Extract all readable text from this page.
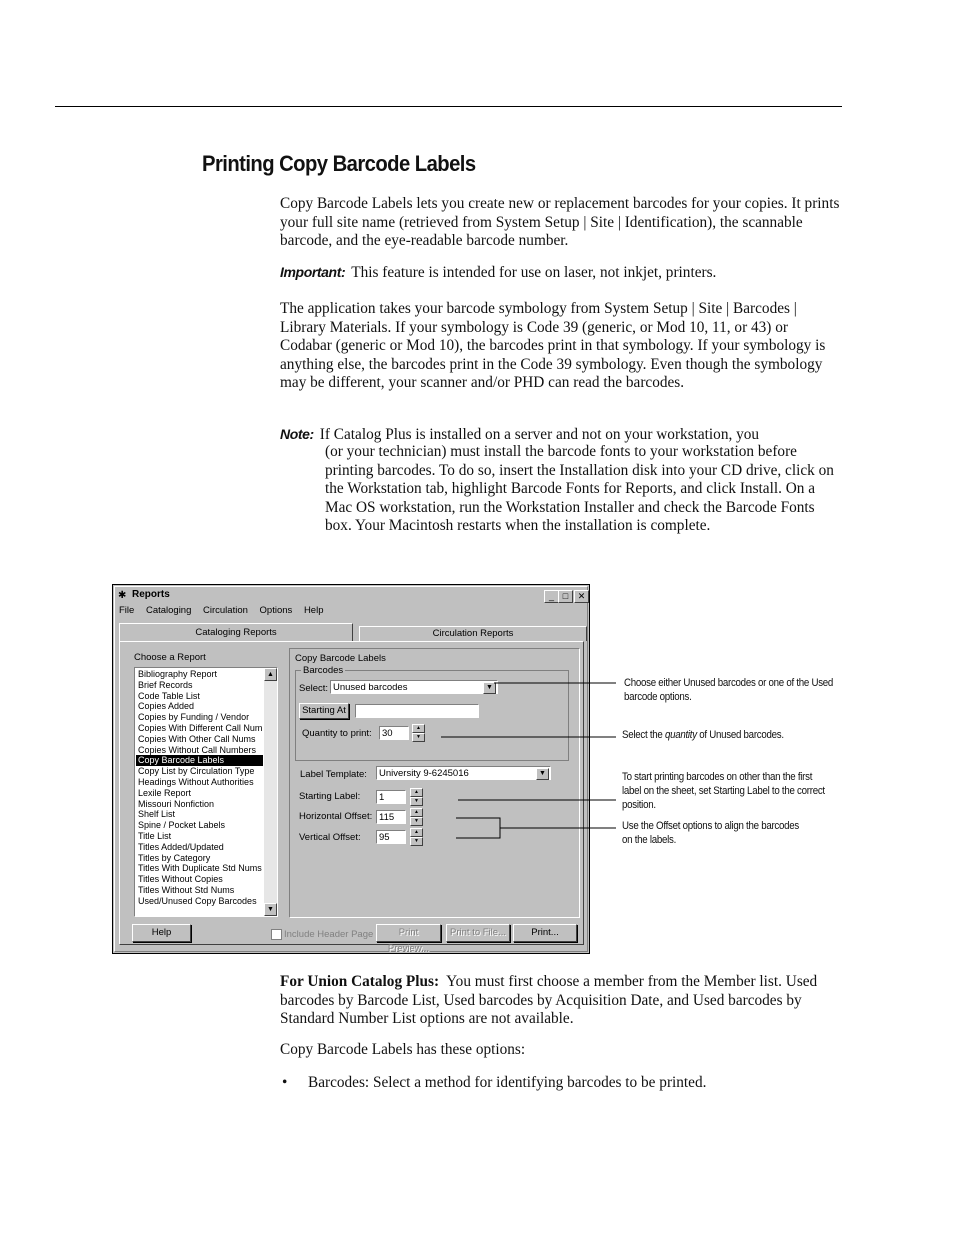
Printing Copy Barcode Labels

Copy Barcode Labels lets you create new or replacement barcodes for your copies. It prints your full site name (retrieved from System Setup | Site | Identification), the scannable barcode, and the eye-readable barcode number.

Important: This feature is intended for use on laser, not inkjet, printers.

The application takes your barcode symbology from System Setup | Site | Barcodes | Library Materials. If your symbology is Code 39 (generic, or Mod 10, 11, or 43) or Codabar (generic or Mod 10), the barcodes print in that symbology. If your symbology is anything else, the barcodes print in the Code 39 symbology. Even though the symbology may be different, your scanner and/or PHD can read the barcodes.

Note: If Catalog Plus is installed on a server and not on your workstation, you

(or your technician) must install the barcode fonts to your workstation before printing barcodes. To do so, insert the Installation disk into your CD drive, click on the Workstation tab, highlight Barcode Fonts for Reports, and click Install. On a Mac OS workstation, run the Workstation Installer and check the Barcode Fonts box. Your Macintosh restarts when the installation is complete.
✱ Reports	_ □	✕
File Cataloging Circulation Options Help
Cataloging Reports	Circulation Reports
Choose a Report
Bibliography Report
Brief Records
Code Table List
Copies Added
Copies by Funding / Vendor
Copies With Different Call Num
Copies With Other Call Nums
Copies Without Call Numbers
Copy Barcode Labels
Copy List by Circulation Type
Headings Without Authorities
Lexile Report
Missouri Nonfiction
Shelf List
Spine / Pocket Labels
Title List
Titles Added/Updated
Titles by Category
Titles With Duplicate Std Nums
Titles Without Copies
Titles Without Std Nums
Used/Unused Copy Barcodes
▲
▼
Copy Barcode Labels
Barcodes
Select: Unused barcodes	▼
Starting At
Quantity to print:	30	▲
▼
Label Template:	University 9-6245016	▼
Starting Label:	1	▲
▼
Horizontal Offset: 115	▲
▼
Vertical Offset:	95	▲
▼
Help	Include Header Page	Print Preview...
Print to File...	Print...
Choose either Unused barcodes or one of the Used barcode options.
Select the quantity of Unused barcodes.
To start printing barcodes on other than the first label on the sheet, set Starting Label to the correct position.
Use the Offset options to align the barcodes on the labels.

For Union Catalog Plus: You must first choose a member from the Member list. Used barcodes by Barcode List, Used barcodes by Acquisition Date, and Used barcodes by Standard Number List options are not available.

Copy Barcode Labels has these options:

• Barcodes: Select a method for identifying barcodes to be printed.
